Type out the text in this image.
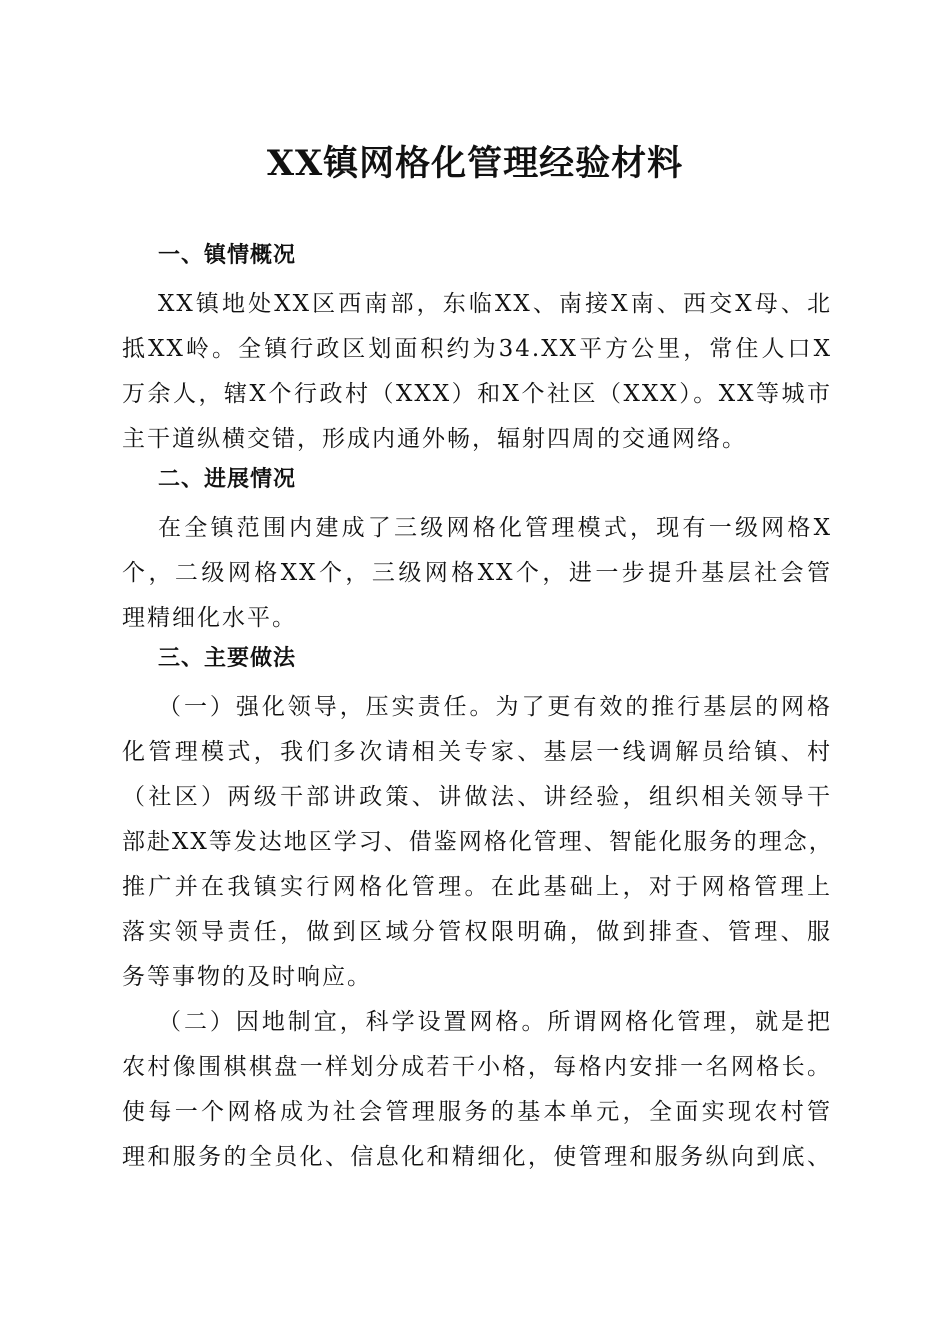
XX镇网格化管理经验材料
一、镇情概况
XX镇地处XX区西南部，东临XX、南接X南、西交X母、北
抵XX岭。全镇行政区划面积约为34.XX平方公里，常住人口X
万余人，辖X个行政村（XXX）和X个社区（XXX）。XX等城市
主干道纵横交错，形成内通外畅，辐射四周的交通网络。
二、进展情况
在全镇范围内建成了三级网格化管理模式，现有一级网格X
个，二级网格XX个，三级网格XX个，进一步提升基层社会管
理精细化水平。
三、主要做法
（一）强化领导，压实责任。为了更有效的推行基层的网格
化管理模式，我们多次请相关专家、基层一线调解员给镇、村
（社区）两级干部讲政策、讲做法、讲经验，组织相关领导干
部赴XX等发达地区学习、借鉴网格化管理、智能化服务的理念，
推广并在我镇实行网格化管理。在此基础上，对于网格管理上
落实领导责任，做到区域分管权限明确，做到排查、管理、服
务等事物的及时响应。
（二）因地制宜，科学设置网格。所谓网格化管理，就是把
农村像围棋棋盘一样划分成若干小格，每格内安排一名网格长。
使每一个网格成为社会管理服务的基本单元，全面实现农村管
理和服务的全员化、信息化和精细化，使管理和服务纵向到底、
